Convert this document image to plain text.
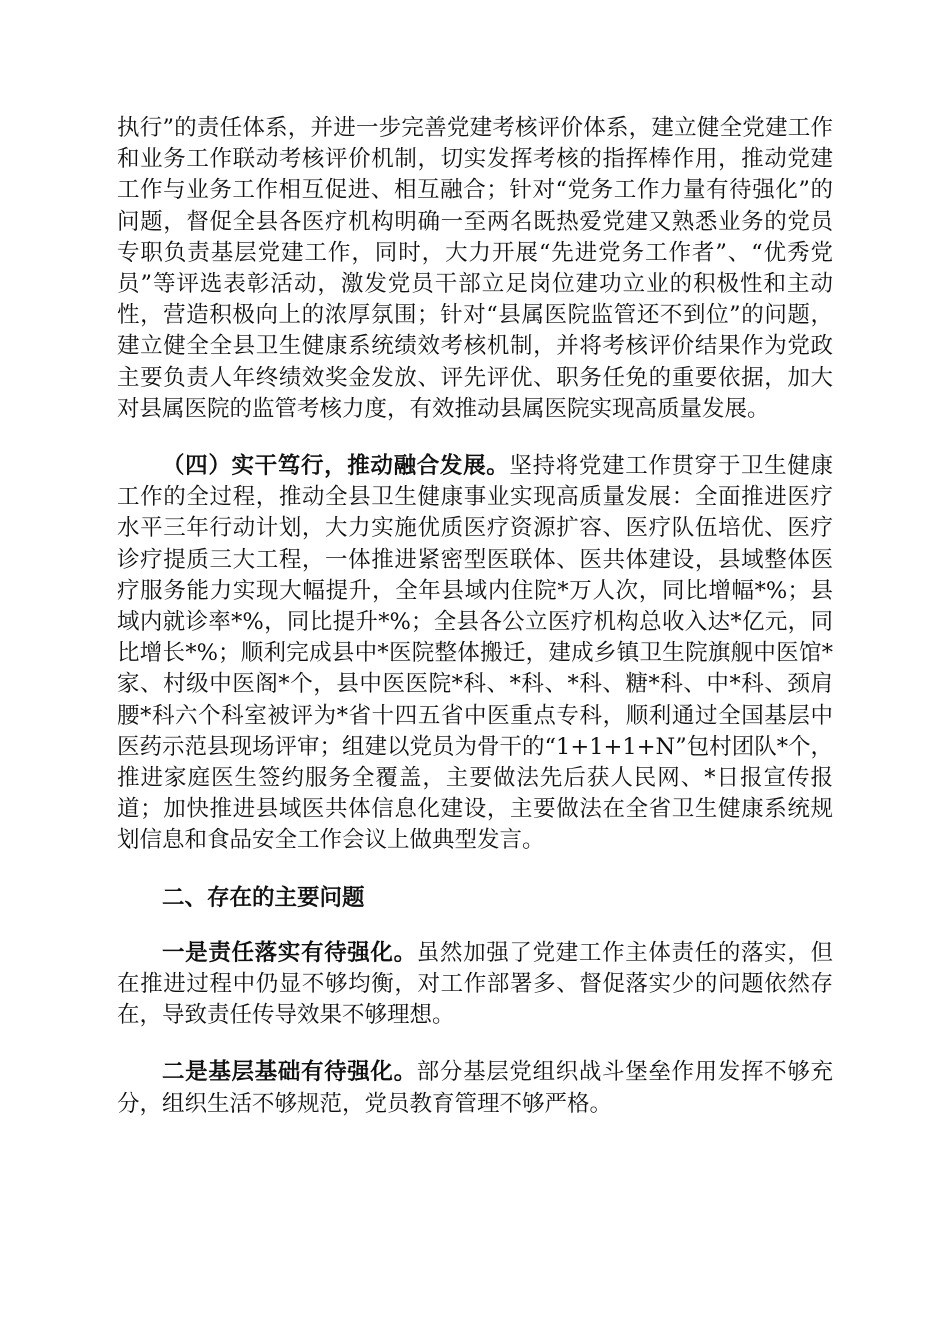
执行”的责任体系，并进一步完善党建考核评价体系，建立健全党建工作和业务工作联动考核评价机制，切实发挥考核的指挥棒作用，推动党建工作与业务工作相互促进、相互融合；针对“党务工作力量有待强化”的问题，督促全县各医疗机构明确一至两名既热爱党建又熟悉业务的党员专职负责基层党建工作，同时，大力开展“先进党务工作者”、“优秀党员”等评选表彰活动，激发党员干部立足岗位建功立业的积极性和主动性，营造积极向上的浓厚氛围；针对“县属医院监管还不到位”的问题，建立健全全县卫生健康系统绩效考核机制，并将考核评价结果作为党政主要负责人年终绩效奖金发放、评先评优、职务任免的重要依据，加大对县属医院的监管考核力度，有效推动县属医院实现高质量发展。

（四）实干笃行，推动融合发展。坚持将党建工作贯穿于卫生健康工作的全过程，推动全县卫生健康事业实现高质量发展：全面推进医疗水平三年行动计划，大力实施优质医疗资源扩容、医疗队伍培优、医疗诊疗提质三大工程，一体推进紧密型医联体、医共体建设，县域整体医疗服务能力实现大幅提升，全年县域内住院*万人次，同比增幅*%；县域内就诊率*%，同比提升*%；全县各公立医疗机构总收入达*亿元，同比增长*%；顺利完成县中*医院整体搬迁，建成乡镇卫生院旗舰中医馆*家、村级中医阁*个，县中医医院*科、*科、*科、糖*科、中*科、颈肩腰*科六个科室被评为*省十四五省中医重点专科，顺利通过全国基层中医药示范县现场评审；组建以党员为骨干的“1+1+1+N”包村团队*个，推进家庭医生签约服务全覆盖，主要做法先后获人民网、*日报宣传报道；加快推进县域医共体信息化建设，主要做法在全省卫生健康系统规划信息和食品安全工作会议上做典型发言。

二、存在的主要问题

一是责任落实有待强化。虽然加强了党建工作主体责任的落实，但在推进过程中仍显不够均衡，对工作部署多、督促落实少的问题依然存在，导致责任传导效果不够理想。

二是基层基础有待强化。部分基层党组织战斗堡垒作用发挥不够充分，组织生活不够规范，党员教育管理不够严格。
